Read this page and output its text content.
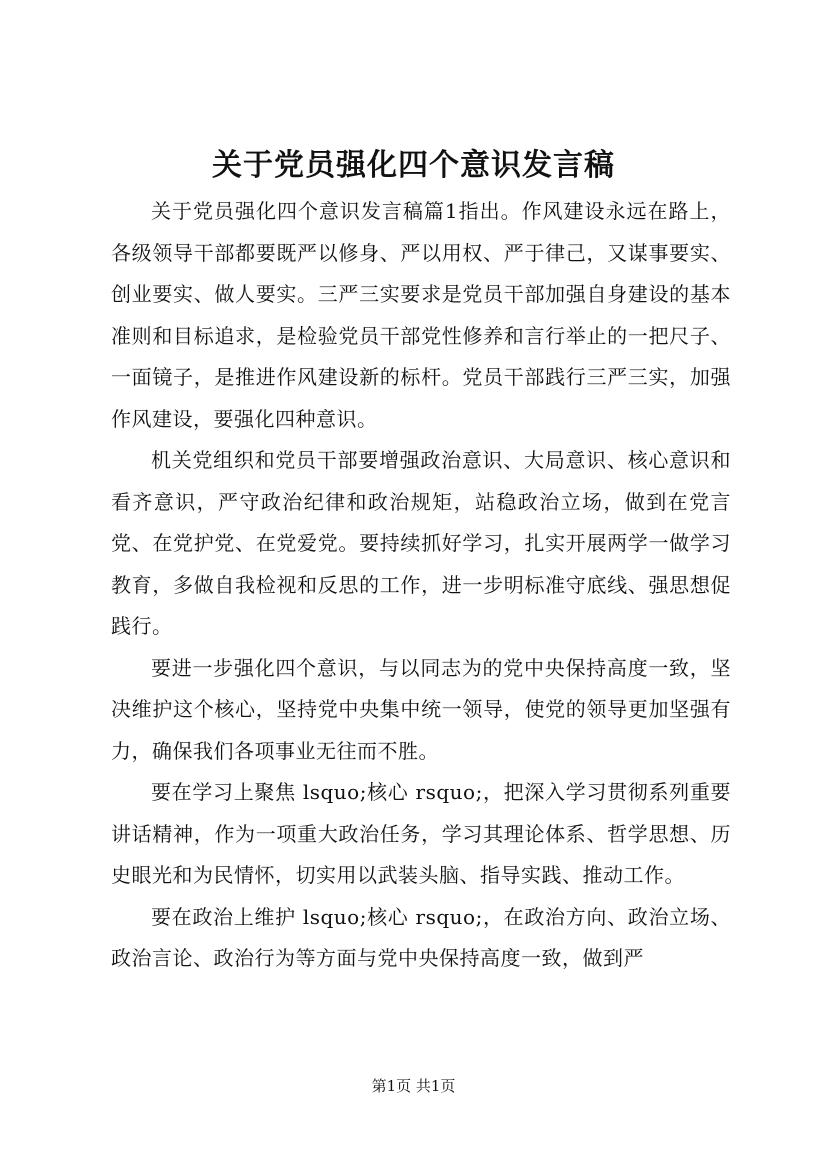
关于党员强化四个意识发言稿

关于党员强化四个意识发言稿篇1指出。作风建设永远在路上，各级领导干部都要既严以修身、严以用权、严于律己，又谋事要实、创业要实、做人要实。三严三实要求是党员干部加强自身建设的基本准则和目标追求，是检验党员干部党性修养和言行举止的一把尺子、一面镜子，是推进作风建设新的标杆。党员干部践行三严三实，加强作风建设，要强化四种意识。

机关党组织和党员干部要增强政治意识、大局意识、核心意识和看齐意识，严守政治纪律和政治规矩，站稳政治立场，做到在党言党、在党护党、在党爱党。要持续抓好学习，扎实开展两学一做学习教育，多做自我检视和反思的工作，进一步明标准守底线、强思想促践行。

要进一步强化四个意识，与以同志为的党中央保持高度一致，坚决维护这个核心，坚持党中央集中统一领导，使党的领导更加坚强有力，确保我们各项事业无往而不胜。

要在学习上聚焦 lsquo;核心 rsquo;，把深入学习贯彻系列重要讲话精神，作为一项重大政治任务，学习其理论体系、哲学思想、历史眼光和为民情怀，切实用以武装头脑、指导实践、推动工作。

要在政治上维护 lsquo;核心 rsquo;，在政治方向、政治立场、政治言论、政治行为等方面与党中央保持高度一致，做到严

第1页 共1页
